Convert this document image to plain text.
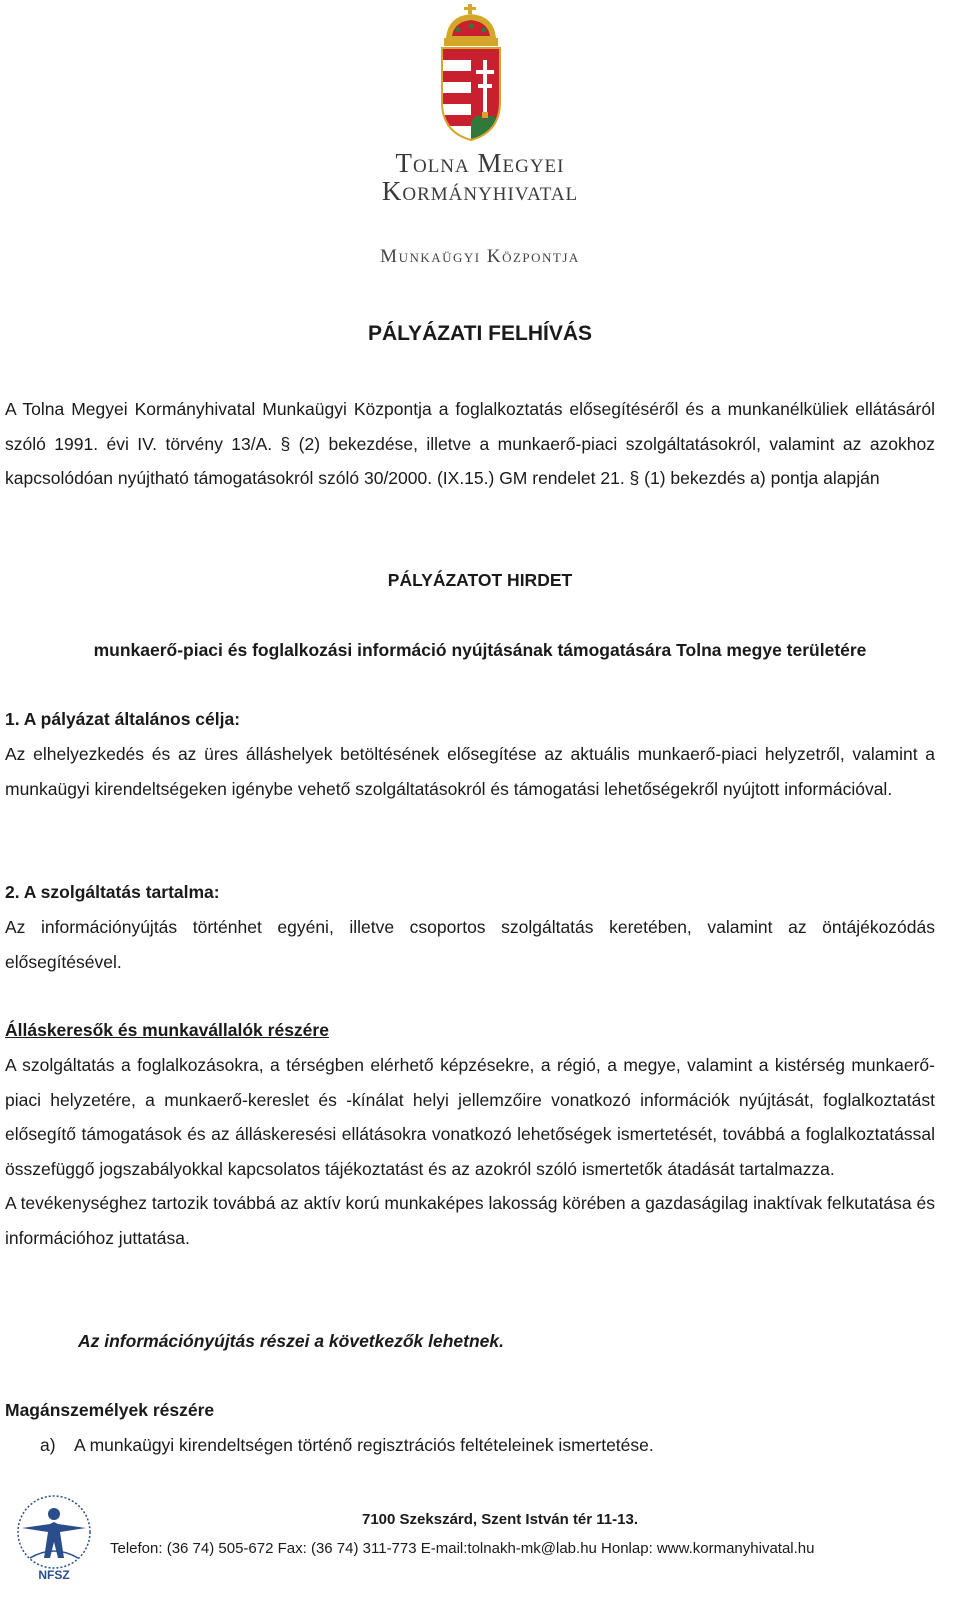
Tolna Megyei
Kormányhivatal
Munkaügyi Központja
PÁLYÁZATI FELHÍVÁS

A Tolna Megyei Kormányhivatal Munkaügyi Központja a foglalkoztatás elősegítéséről és a munkanélküliek ellátásáról szóló 1991. évi IV. törvény 13/A. § (2) bekezdése, illetve a munkaerő-piaci szolgáltatásokról, valamint az azokhoz kapcsolódóan nyújtható támogatásokról szóló 30/2000. (IX.15.) GM rendelet 21. § (1) bekezdés a) pontja alapján

PÁLYÁZATOT HIRDET
munkaerő-piaci és foglalkozási információ nyújtásának támogatására Tolna megye területére
1. A pályázat általános célja:

Az elhelyezkedés és az üres álláshelyek betöltésének elősegítése az aktuális munkaerő-piaci helyzetről, valamint a munkaügyi kirendeltségeken igénybe vehető szolgáltatásokról és támogatási lehetőségekről nyújtott információval.

2. A szolgáltatás tartalma:

Az információnyújtás történhet egyéni, illetve csoportos szolgáltatás keretében, valamint az öntájékozódás elősegítésével.

Álláskeresők és munkavállalók részére

A szolgáltatás a foglalkozásokra, a térségben elérhető képzésekre, a régió, a megye, valamint a kistérség munkaerő-piaci helyzetére, a munkaerő-kereslet és -kínálat helyi jellemzőire vonatkozó információk nyújtását, foglalkoztatást elősegítő támogatások és az álláskeresési ellátásokra vonatkozó lehetőségek ismertetését, továbbá a foglalkoztatással összefüggő jogszabályokkal kapcsolatos tájékoztatást és az azokról szóló ismertetők átadását tartalmazza.

A tevékenységhez tartozik továbbá az aktív korú munkaképes lakosság körében a gazdaságilag inaktívak felkutatása és információhoz juttatása.

Az információnyújtás részei a következők lehetnek.
Magánszemélyek részére
a) A munkaügyi kirendeltségen történő regisztrációs feltételeinek ismertetése.
NFSZ
7100 Szekszárd, Szent István tér 11-13.
Telefon: (36 74) 505-672 Fax: (36 74) 311-773 E-mail:tolnakh-mk@lab.hu Honlap: www.kormanyhivatal.hu
